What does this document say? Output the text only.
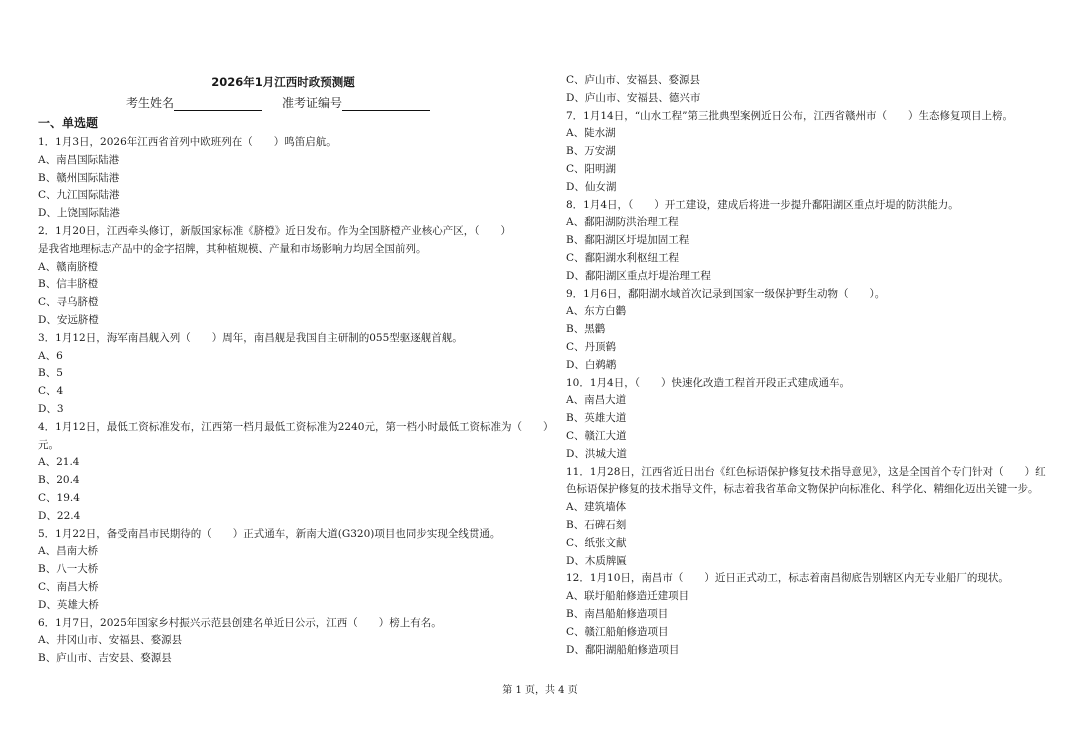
2026年1月江西时政预测题
考生姓名	准考证编号
一、单选题
1．1月3日，2026年江西省首列中欧班列在（　　）鸣笛启航。
A、南昌国际陆港
B、赣州国际陆港
C、九江国际陆港
D、上饶国际陆港
2．1月20日，江西牵头修订，新版国家标准《脐橙》近日发布。作为全国脐橙产业核心产区，（　　）
是我省地理标志产品中的金字招牌，其种植规模、产量和市场影响力均居全国前列。
A、赣南脐橙
B、信丰脐橙
C、寻乌脐橙
D、安远脐橙
3．1月12日，海军南昌舰入列（　　）周年，南昌舰是我国自主研制的055型驱逐舰首舰。
A、6
B、5
C、4
D、3
4．1月12日，最低工资标准发布，江西第一档月最低工资标准为2240元，第一档小时最低工资标准为（　　）
元。
A、21.4
B、20.4
C、19.4
D、22.4
5．1月22日，备受南昌市民期待的（　　）正式通车，新南大道(G320)项目也同步实现全线贯通。
A、昌南大桥
B、八一大桥
C、南昌大桥
D、英雄大桥
6．1月7日，2025年国家乡村振兴示范县创建名单近日公示，江西（　　）榜上有名。
A、井冈山市、安福县、婺源县
B、庐山市、吉安县、婺源县
C、庐山市、安福县、婺源县
D、庐山市、安福县、德兴市
7．1月14日，“山水工程”第三批典型案例近日公布，江西省赣州市（　　）生态修复项目上榜。
A、陡水湖
B、万安湖
C、阳明湖
D、仙女湖
8．1月4日，（　　）开工建设，建成后将进一步提升鄱阳湖区重点圩堤的防洪能力。
A、鄱阳湖防洪治理工程
B、鄱阳湖区圩堤加固工程
C、鄱阳湖水利枢纽工程
D、鄱阳湖区重点圩堤治理工程
9．1月6日，鄱阳湖水域首次记录到国家一级保护野生动物（　　）。
A、东方白鹳
B、黑鹳
C、丹顶鹤
D、白鹈鹕
10．1月4日，（　　）快速化改造工程首开段正式建成通车。
A、南昌大道
B、英雄大道
C、赣江大道
D、洪城大道
11．1月28日，江西省近日出台《红色标语保护修复技术指导意见》，这是全国首个专门针对（　　）红
色标语保护修复的技术指导文件，标志着我省革命文物保护向标准化、科学化、精细化迈出关键一步。
A、建筑墙体
B、石碑石刻
C、纸张文献
D、木质牌匾
12．1月10日，南昌市（　　）近日正式动工，标志着南昌彻底告别辖区内无专业船厂的现状。
A、联圩船舶修造迁建项目
B、南昌船舶修造项目
C、赣江船舶修造项目
D、鄱阳湖船舶修造项目
第 1 页，共 4 页
